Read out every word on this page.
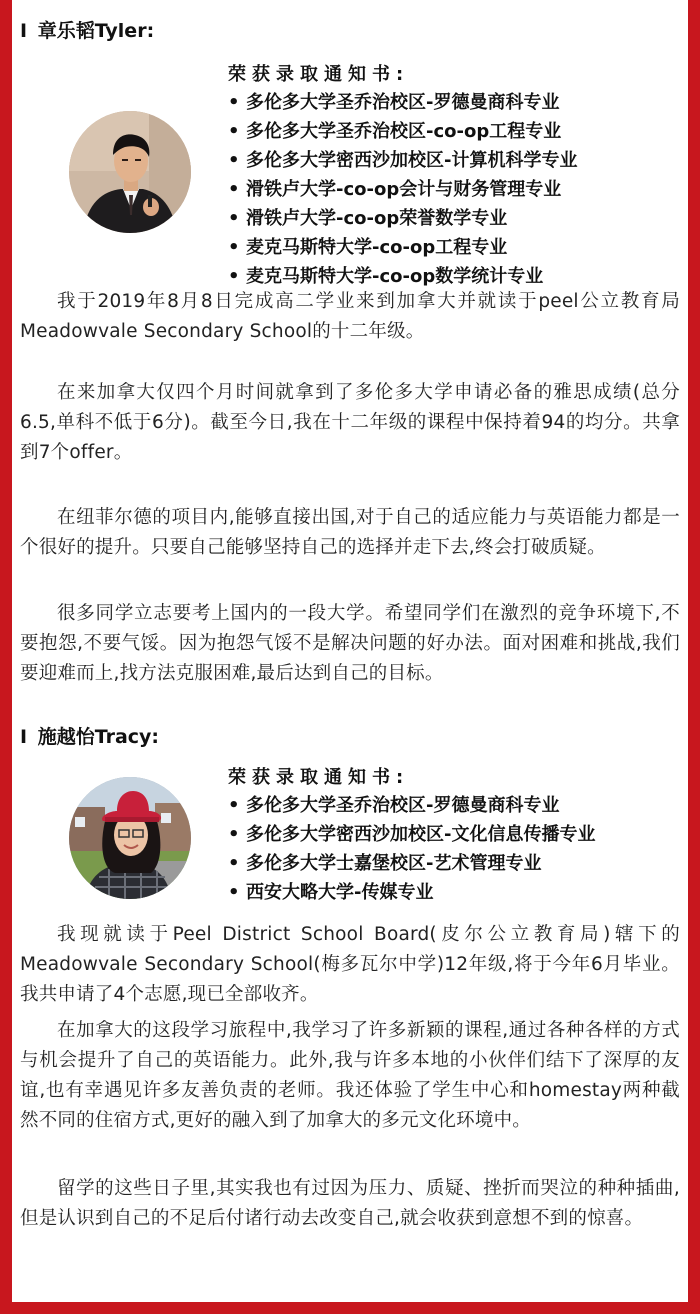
I 章乐韬Tyler:
荣获录取通知书:
• 多伦多大学圣乔治校区-罗德曼商科专业
• 多伦多大学圣乔治校区-co-op工程专业
• 多伦多大学密西沙加校区-计算机科学专业
• 滑铁卢大学-co-op会计与财务管理专业
• 滑铁卢大学-co-op荣誉数学专业
• 麦克马斯特大学-co-op工程专业
• 麦克马斯特大学-co-op数学统计专业

我于2019年8月8日完成高二学业来到加拿大并就读于peel公立教育局Meadowvale Secondary School的十二年级。

在来加拿大仅四个月时间就拿到了多伦多大学申请必备的雅思成绩(总分6.5,单科不低于6分)。截至今日,我在十二年级的课程中保持着94的均分。共拿到7个offer。

在纽菲尔德的项目内,能够直接出国,对于自己的适应能力与英语能力都是一个很好的提升。只要自己能够坚持自己的选择并走下去,终会打破质疑。

很多同学立志要考上国内的一段大学。希望同学们在激烈的竞争环境下,不要抱怨,不要气馁。因为抱怨气馁不是解决问题的好办法。面对困难和挑战,我们要迎难而上,找方法克服困难,最后达到自己的目标。

I 施越怡Tracy:
荣获录取通知书:
• 多伦多大学圣乔治校区-罗德曼商科专业
• 多伦多大学密西沙加校区-文化信息传播专业
• 多伦多大学士嘉堡校区-艺术管理专业
• 西安大略大学-传媒专业

我现就读于Peel District School Board(皮尔公立教育局)辖下的Meadowvale Secondary School(梅多瓦尔中学)12年级,将于今年6月毕业。我共申请了4个志愿,现已全部收齐。

在加拿大的这段学习旅程中,我学习了许多新颖的课程,通过各种各样的方式与机会提升了自己的英语能力。此外,我与许多本地的小伙伴们结下了深厚的友谊,也有幸遇见许多友善负责的老师。我还体验了学生中心和homestay两种截然不同的住宿方式,更好的融入到了加拿大的多元文化环境中。

留学的这些日子里,其实我也有过因为压力、质疑、挫折而哭泣的种种插曲,但是认识到自己的不足后付诸行动去改变自己,就会收获到意想不到的惊喜。
